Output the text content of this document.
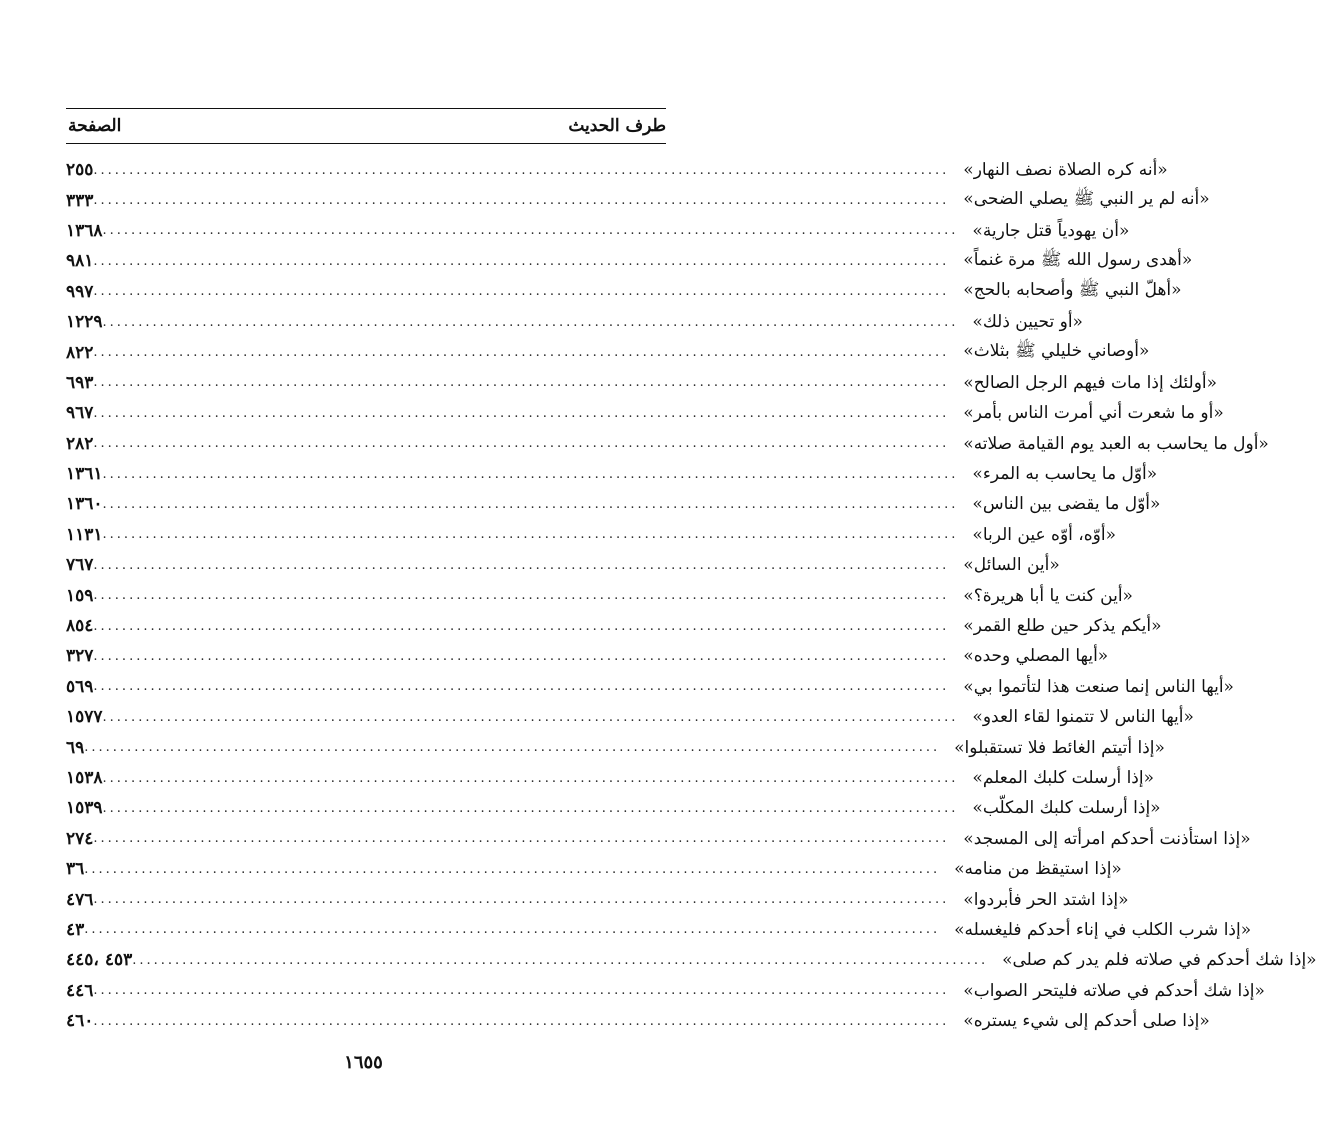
طرف الحديث
الصفحة
٢٥٥ ........................................................................................................................ «أنه كره الصلاة نصف النهار»
٣٣٣ ........................................................................................................................ «أنه لم ير النبي ﷺ يصلي الضحى»
١٣٦٨ ........................................................................................................................ «أن يهودياً قتل جارية»
٩٨١ ........................................................................................................................ «أهدى رسول الله ﷺ مرة غنماً»
٩٩٧ ........................................................................................................................ «أهلّ النبي ﷺ وأصحابه بالحج»
١٢٢٩ ........................................................................................................................ «أو تحيين ذلك»
٨٢٢ ........................................................................................................................ «أوصاني خليلي ﷺ بثلاث»
٦٩٣ ........................................................................................................................ «أولئك إذا مات فيهم الرجل الصالح»
٩٦٧ ........................................................................................................................ «أو ما شعرت أني أمرت الناس بأمر»
٢٨٢ ........................................................................................................................ «أول ما يحاسب به العبد يوم القيامة صلاته»
١٣٦١ ........................................................................................................................ «أوّل ما يحاسب به المرء»
١٣٦٠ ........................................................................................................................ «أوّل ما يقضى بين الناس»
١١٣١ ........................................................................................................................ «أوّه، أوّه عين الربا»
٧٦٧ ........................................................................................................................ «أين السائل»
١٥٩ ........................................................................................................................ «أين كنت يا أبا هريرة؟»
٨٥٤ ........................................................................................................................ «أيكم يذكر حين طلع القمر»
٣٢٧ ........................................................................................................................ «أيها المصلي وحده»
٥٦٩ ........................................................................................................................ «أيها الناس إنما صنعت هذا لتأتموا بي»
١٥٧٧ ........................................................................................................................ «أيها الناس لا تتمنوا لقاء العدو»
٦٩ ........................................................................................................................ «إذا أتيتم الغائط فلا تستقبلوا»
١٥٣٨ ........................................................................................................................ «إذا أرسلت كلبك المعلم»
١٥٣٩ ........................................................................................................................ «إذا أرسلت كلبك المكلّب»
٢٧٤ ........................................................................................................................ «إذا استأذنت أحدكم امرأته إلى المسجد»
٣٦ ........................................................................................................................ «إذا استيقظ من منامه»
٤٧٦ ........................................................................................................................ «إذا اشتد الحر فأبردوا»
٤٣ ........................................................................................................................ «إذا شرب الكلب في إناء أحدكم فليغسله»
٤٥٣ ،٤٤٥ ........................................................................................................................ «إذا شك أحدكم في صلاته فلم يدر كم صلى»
٤٤٦ ........................................................................................................................ «إذا شك أحدكم في صلاته فليتحر الصواب»
٤٦٠ ........................................................................................................................ «إذا صلى أحدكم إلى شيء يستره»
١٦٥٥
